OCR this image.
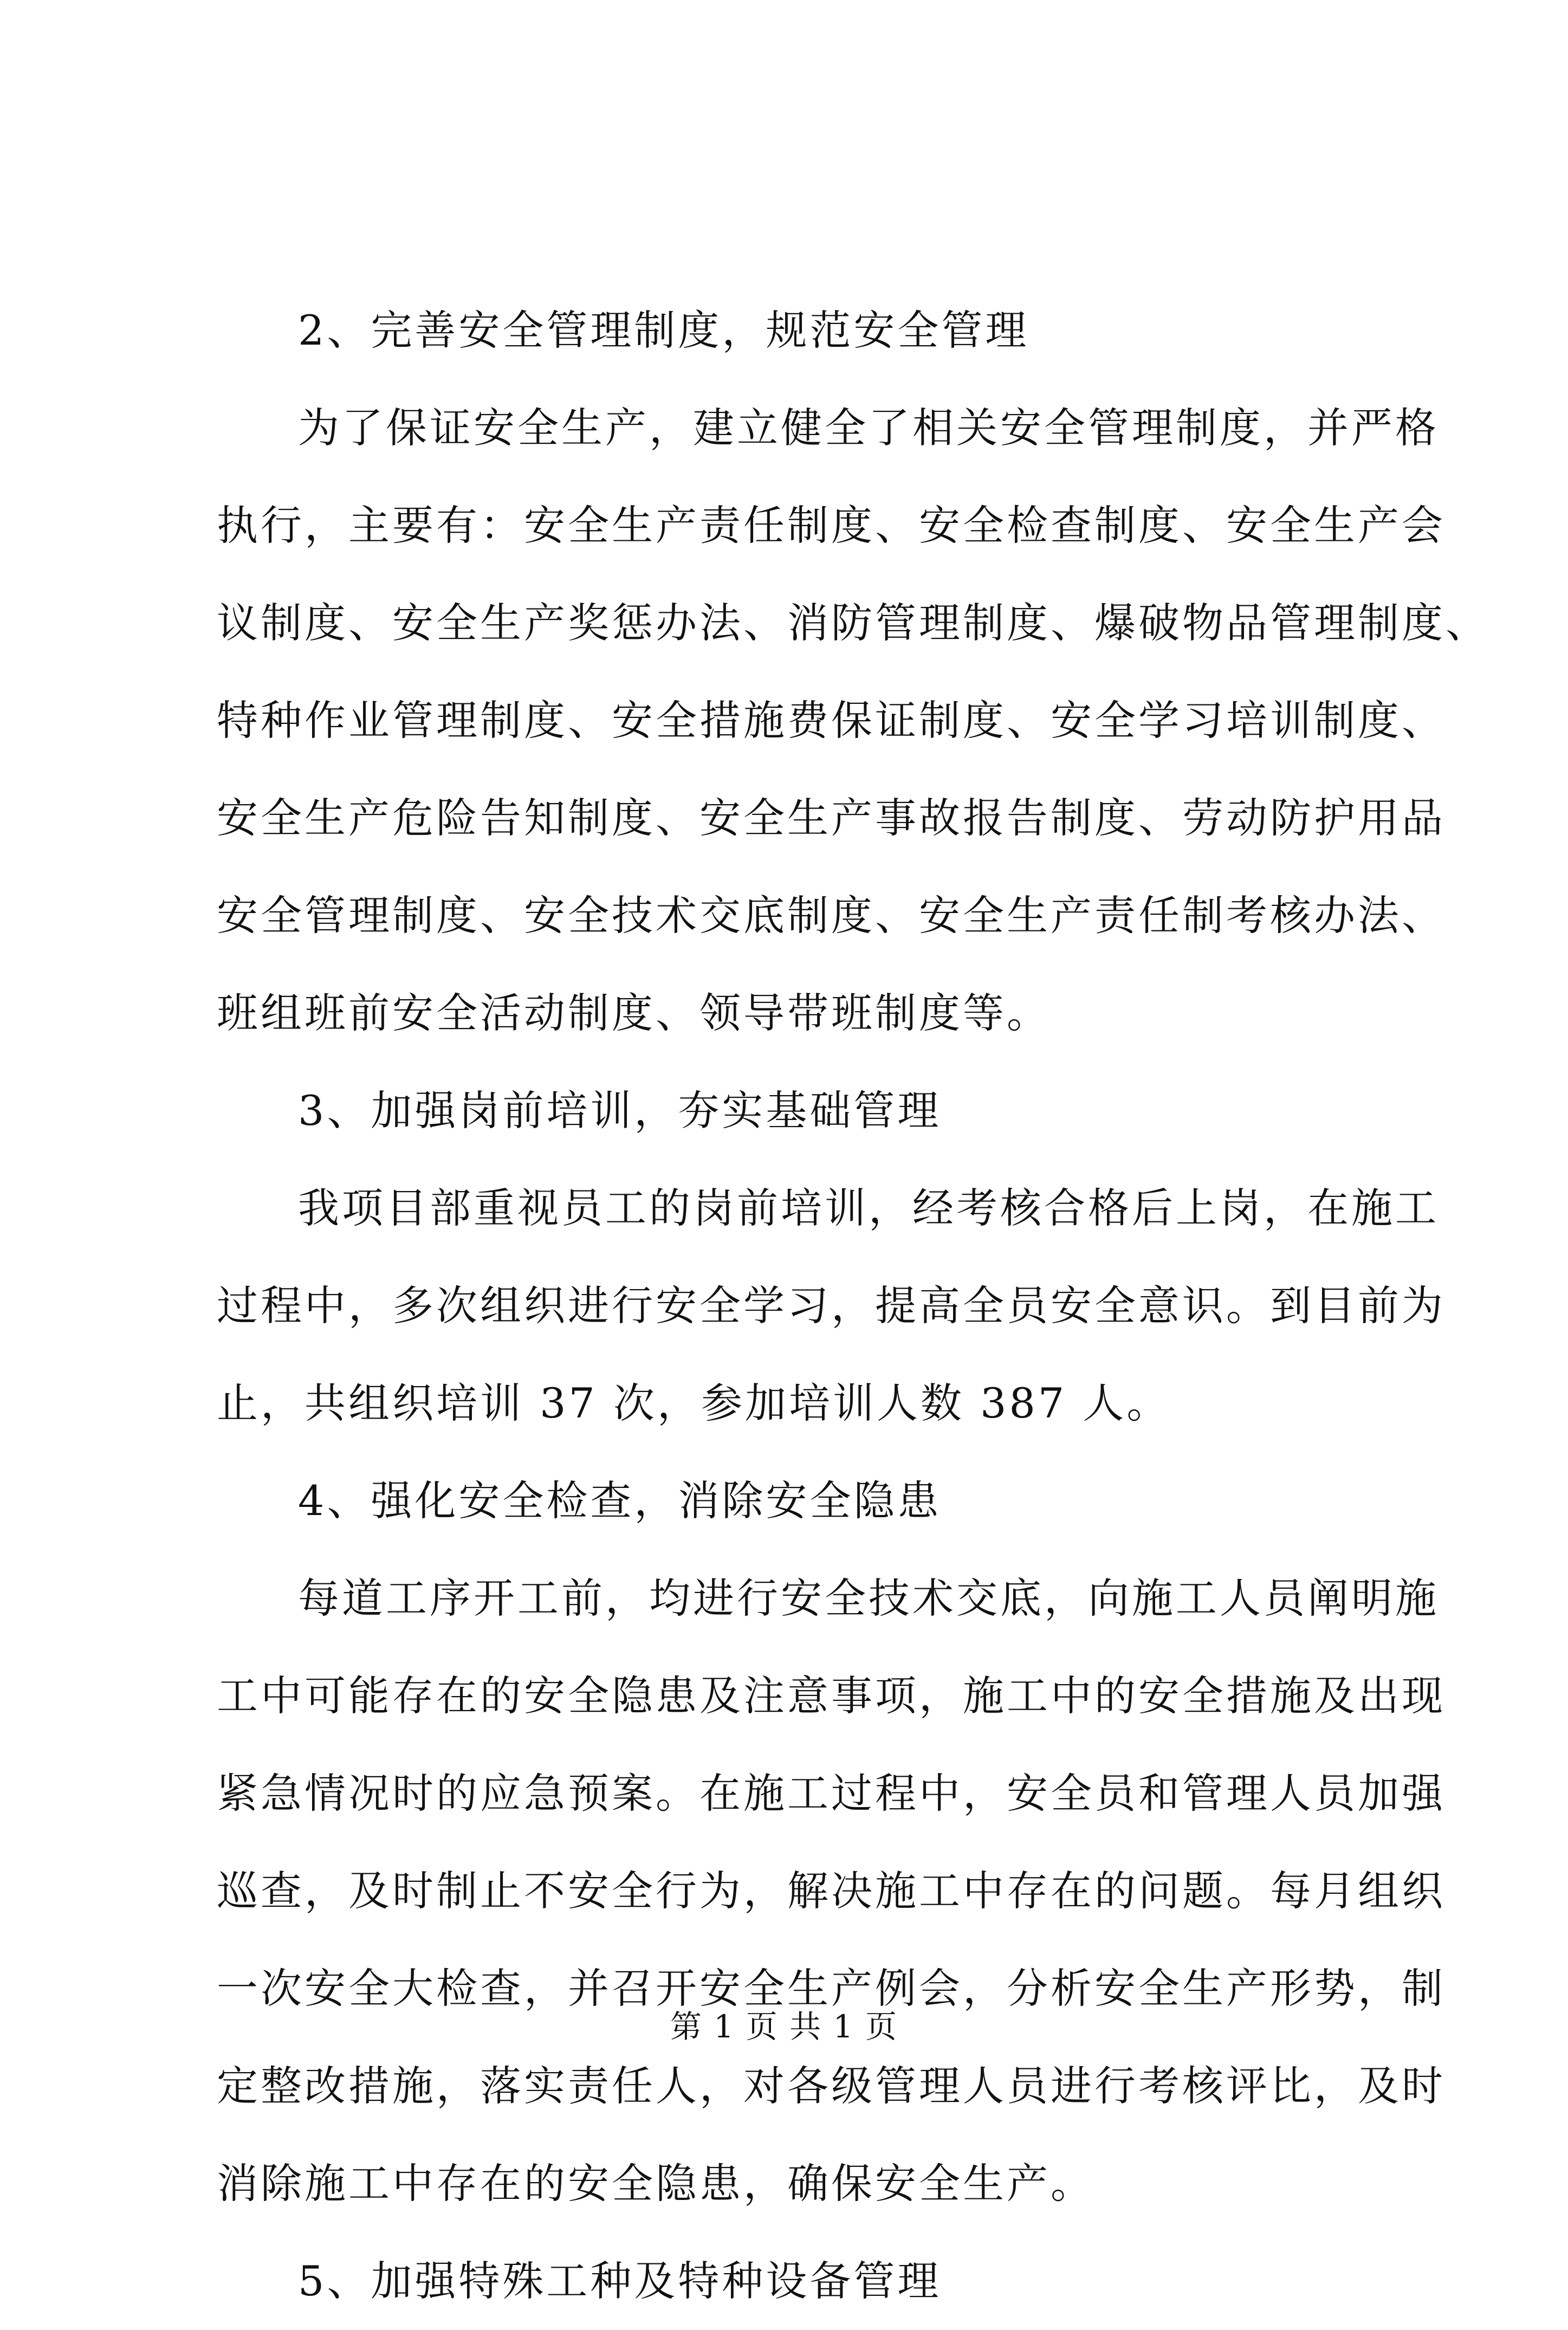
2、完善安全管理制度，规范安全管理
为了保证安全生产，建立健全了相关安全管理制度，并严格
执行，主要有：安全生产责任制度、安全检查制度、安全生产会
议制度、安全生产奖惩办法、消防管理制度、爆破物品管理制度、
特种作业管理制度、安全措施费保证制度、安全学习培训制度、
安全生产危险告知制度、安全生产事故报告制度、劳动防护用品
安全管理制度、安全技术交底制度、安全生产责任制考核办法、
班组班前安全活动制度、领导带班制度等。
3、加强岗前培训，夯实基础管理
我项目部重视员工的岗前培训，经考核合格后上岗，在施工
过程中，多次组织进行安全学习，提高全员安全意识。到目前为
止，共组织培训 37 次，参加培训人数 387 人。
4、强化安全检查，消除安全隐患
每道工序开工前，均进行安全技术交底，向施工人员阐明施
工中可能存在的安全隐患及注意事项，施工中的安全措施及出现
紧急情况时的应急预案。在施工过程中，安全员和管理人员加强
巡查，及时制止不安全行为，解决施工中存在的问题。每月组织
一次安全大检查，并召开安全生产例会，分析安全生产形势，制
定整改措施，落实责任人，对各级管理人员进行考核评比，及时
消除施工中存在的安全隐患，确保安全生产。
5、加强特殊工种及特种设备管理
第 1 页 共 1 页
